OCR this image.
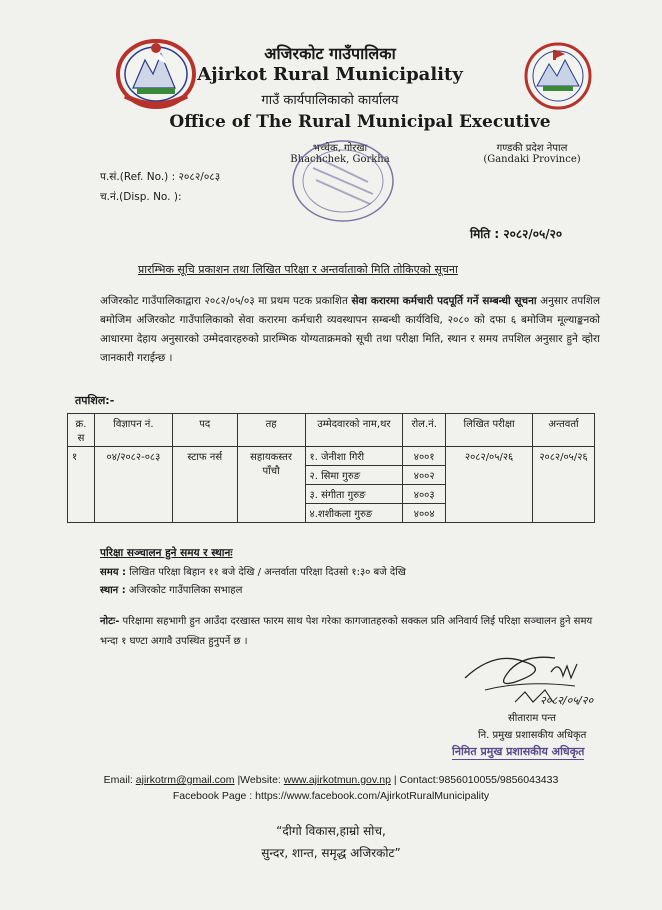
अजिरकोट गाउँपालिका
Ajirkot Rural Municipality
गाउँ कार्यपालिकाको कार्यालय
Office of The Rural Municipal Executive
भच्चेक, गोरखा
Bhachchek, Gorkha
गण्डकी प्रदेश नेपाल
(Gandaki Province)
प.सं.(Ref. No.) : २०८२/०८३
च.नं.(Disp. No. ):
मिति : २०८२/०५/२०
प्रारम्भिक सूचि प्रकाशन तथा लिखित परिक्षा र अन्तर्वाताको मिति तोकिएको सूचना
अजिरकोट गाउँपालिकाद्वारा २०८२/०५/०३ मा प्रथम पटक प्रकाशित सेवा करारमा कर्मचारी पदपूर्ति गर्ने सम्बन्धी सूचना अनुसार तपशिल बमोजिम अजिरकोट गाउँपालिकाको सेवा करारमा कर्मचारी व्यवस्थापन सम्बन्धी कार्यविधि, २०८० को दफा ६ बमोजिम मूल्याङ्कनको आधारमा देहाय अनुसारको उम्मेदवारहरुको प्रारम्भिक योग्यताक्रमको सूची तथा परीक्षा मिति, स्थान र समय तपशिल अनुसार हुने व्होरा जानकारी गराईन्छ ।
तपशिल:-
क्र. स	विज्ञापन नं.	पद	तह	उम्मेदवारको नाम,थर	रोल.नं.	लिखित परीक्षा	अन्तवर्ता
१	०४/२०८२-०८३	स्टाफ नर्स	सहायकस्तर पाँचौ	१. जेनीशा गिरी	४००१	२०८२/०५/२६	२०८२/०५/२६
				२. सिमा गुरुङ	४००२		
				३. संगीता गुरुङ	४००३		
				४.शशीकला गुरुङ	४००४		
परिक्षा सञ्चालन हुने समय र स्थानः
समय : लिखित परिक्षा बिहान ११ बजे देखि / अन्तर्वाता परिक्षा दिउसो १:३० बजे देखि
स्थान : अजिरकोट गाउँपालिका सभाहल
नोटः- परिक्षामा सहभागी हुन आउँदा दरखास्त फारम साथ पेश गरेका कागजातहरुको सक्कल प्रति अनिवार्य लिई परिक्षा सञ्चालन हुने समय भन्दा १ घण्टा अगावै उपस्थित हुनुपर्ने छ ।
२०८२/०५/२०
सीताराम पन्त
नि. प्रमुख प्रशासकीय अधिकृत
निमित प्रमुख प्रशासकीय अधिकृत
Email: ajirkotrm@gmail.com |Website: www.ajirkotmun.gov.np | Contact:9856010055/9856043433
Facebook Page : https://www.facebook.com/AjirkotRuralMunicipality
“दीगो विकास,हाम्रो सोच,
सुन्दर, शान्त, समृद्ध अजिरकोट”
